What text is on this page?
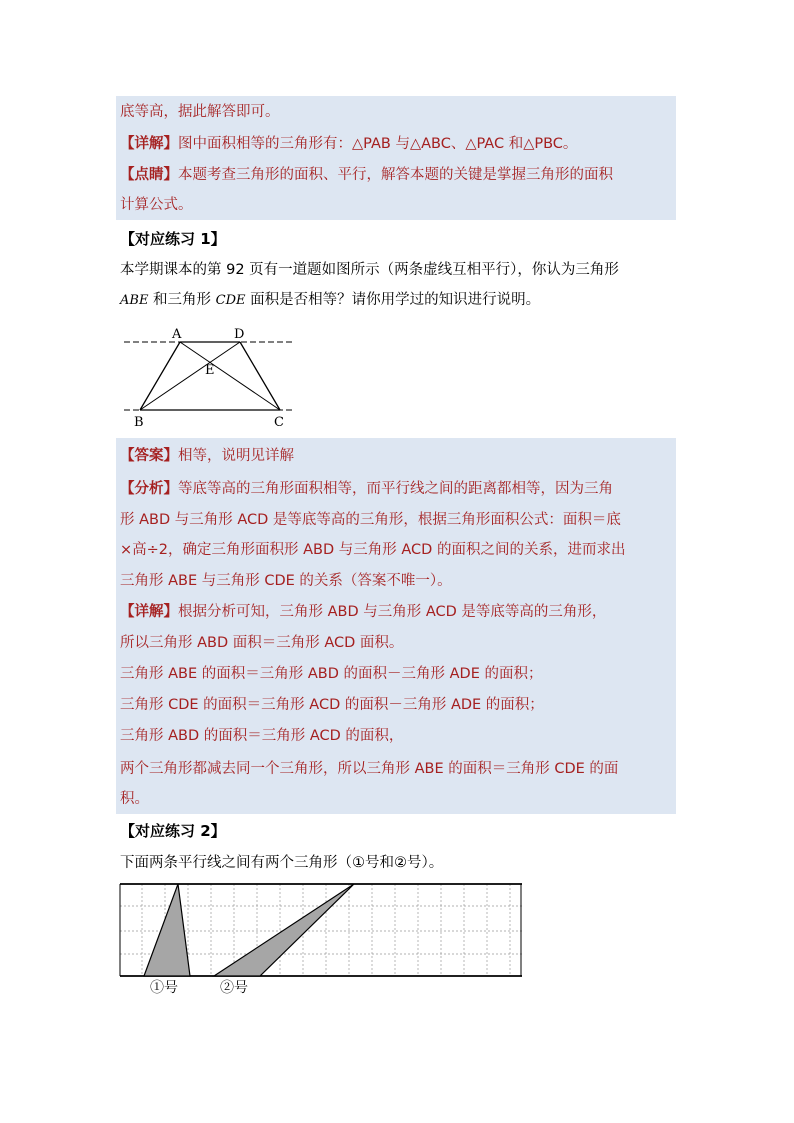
底等高，据此解答即可。
【详解】图中面积相等的三角形有：△PAB 与△ABC、△PAC 和△PBC。
【点睛】本题考查三角形的面积、平行，解答本题的关键是掌握三角形的面积
计算公式。
【对应练习 1】
本学期课本的第 92 页有一道题如图所示（两条虚线互相平行），你认为三角形
ABE 和三角形 CDE 面积是否相等？请你用学过的知识进行说明。
A	D
E
B	C
【答案】相等，说明见详解
【分析】等底等高的三角形面积相等，而平行线之间的距离都相等，因为三角
形 ABD 与三角形 ACD 是等底等高的三角形，根据三角形面积公式：面积＝底
×高÷2，确定三角形面积形 ABD 与三角形 ACD 的面积之间的关系，进而求出
三角形 ABE 与三角形 CDE 的关系（答案不唯一）。
【详解】根据分析可知，三角形 ABD 与三角形 ACD 是等底等高的三角形，
所以三角形 ABD 面积＝三角形 ACD 面积。
三角形 ABE 的面积＝三角形 ABD 的面积－三角形 ADE 的面积；
三角形 CDE 的面积＝三角形 ACD 的面积－三角形 ADE 的面积；
三角形 ABD 的面积＝三角形 ACD 的面积，
两个三角形都减去同一个三角形，所以三角形 ABE 的面积＝三角形 CDE 的面
积。
【对应练习 2】
下面两条平行线之间有两个三角形（①号和②号）。
①号	②号
